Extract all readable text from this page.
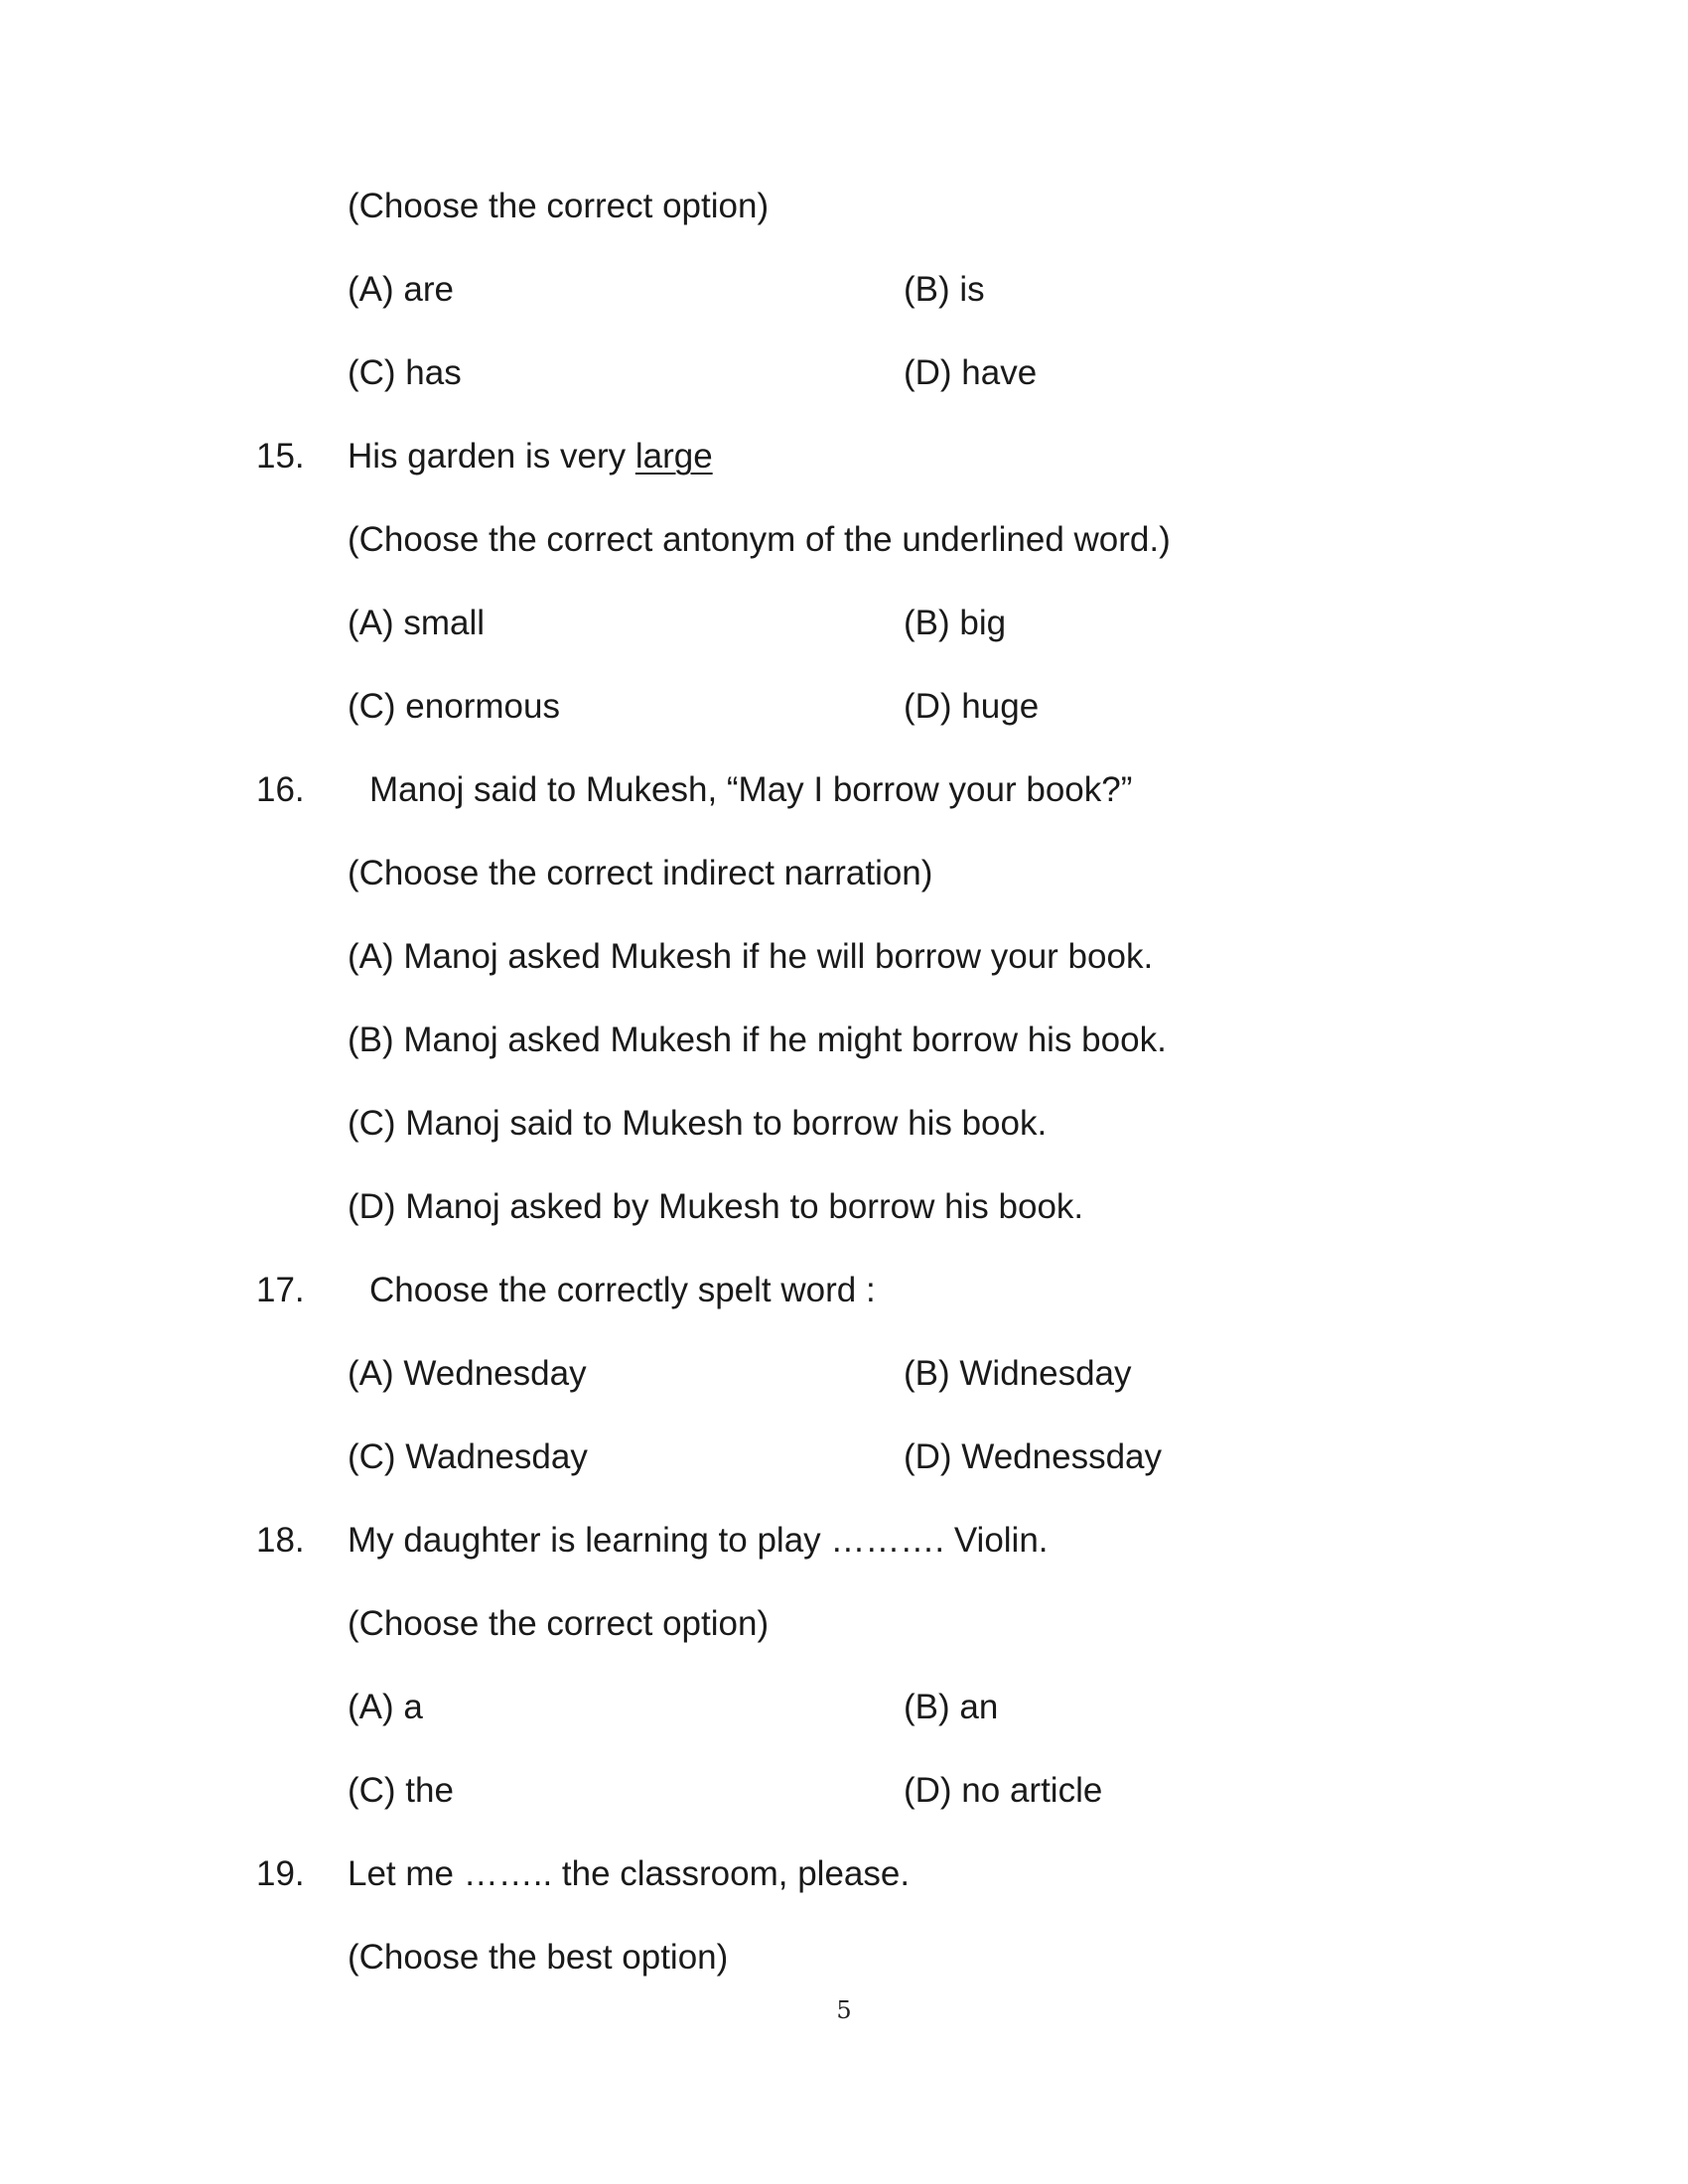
(Choose the correct option)
(A) are	(B) is
(C) has	(D) have
15. His garden is very large
(Choose the correct antonym of the underlined word.)
(A) small	(B) big
(C) enormous	(D) huge
16. Manoj said to Mukesh, “May I borrow your book?”
(Choose the correct indirect narration)
(A) Manoj asked Mukesh if he will borrow your book.
(B) Manoj asked Mukesh if he might borrow his book.
(C) Manoj said to Mukesh to borrow his book.
(D) Manoj asked by Mukesh to borrow his book.
17. Choose the correctly spelt word :
(A) Wednesday	(B) Widnesday
(C) Wadnesday	(D) Wednessday
18. My daughter is learning to play ………. Violin.
(Choose the correct option)
(A) a	(B) an
(C) the	(D) no article
19. Let me …….. the classroom, please.
(Choose the best option)
5
